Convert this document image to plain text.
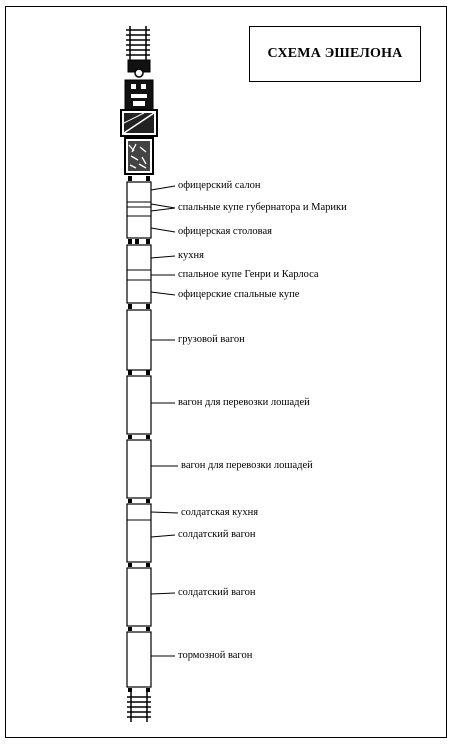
СХЕМА ЭШЕЛОНА
офицерский салон
спальные купе губернатора и Марики
офицерская столовая
кухня
спальное купе Генри и Карлоса
офицерские спальные купе
грузовой вагон
вагон для перевозки лошадей
вагон для перевозки лошадей
солдатская кухня
солдатский вагон
солдатский вагон
тормозной вагон
